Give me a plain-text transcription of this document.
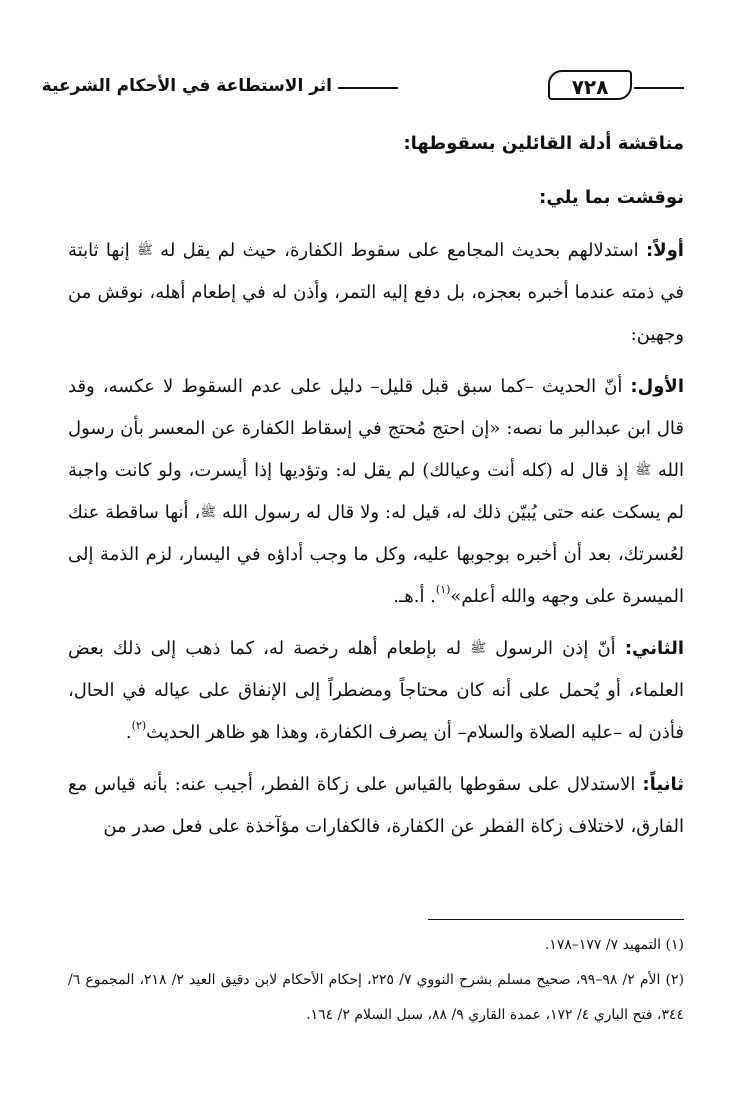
٧٢٨
اثر الاستطاعة في الأحكام الشرعية

مناقشة أدلة القائلين بسقوطها:

نوقشت بما يلي:

أولاً: استدلالهم بحديث المجامع على سقوط الكفارة، حيث لم يقل له ﷺ إنها ثابتة في ذمته عندما أخبره بعجزه، بل دفع إليه التمر، وأذن له في إطعام أهله، نوقش من وجهين:

الأول: أنّ الحديث –كما سبق قبل قليل– دليل على عدم السقوط لا عكسه، وقد قال ابن عبدالبر ما نصه: «إن احتج مُحتج في إسقاط الكفارة عن المعسر بأن رسول الله ﷺ إذ قال له (كله أنت وعيالك) لم يقل له: وتؤديها إذا أيسرت، ولو كانت واجبة لم يسكت عنه حتى يُبيّن ذلك له، قيل له: ولا قال له رسول الله ﷺ، أنها ساقطة عنك لعُسرتك، بعد أن أخبره بوجوبها عليه، وكل ما وجب أداؤه في اليسار، لزم الذمة إلى الميسرة على وجهه والله أعلم»$^{(١)}$. أ.هـ.

الثاني: أنّ إذن الرسول ﷺ له بإطعام أهله رخصة له، كما ذهب إلى ذلك بعض العلماء، أو يُحمل على أنه كان محتاجاً ومضطراً إلى الإنفاق على عياله في الحال، فأذن له –عليه الصلاة والسلام– أن يصرف الكفارة، وهذا هو ظاهر الحديث$^{(٢)}$.

ثانياً: الاستدلال على سقوطها بالقياس على زكاة الفطر، أجيب عنه: بأنه قياس مع الفارق، لاختلاف زكاة الفطر عن الكفارة، فالكفارات مؤآخذة على فعل صدر من

(١) التمهيد ٧/ ١٧٧–١٧٨.

(٢) الأم ٢/ ٩٨–٩٩، صحيح مسلم بشرح النووي ٧/ ٢٢٥، إحكام الأحكام لابن دقيق العيد ٢/ ٢١٨، المجموع ٦/ ٣٤٤، فتح الباري ٤/ ١٧٢، عمدة القاري ٩/ ٨٨، سبل السلام ٢/ ١٦٤.
